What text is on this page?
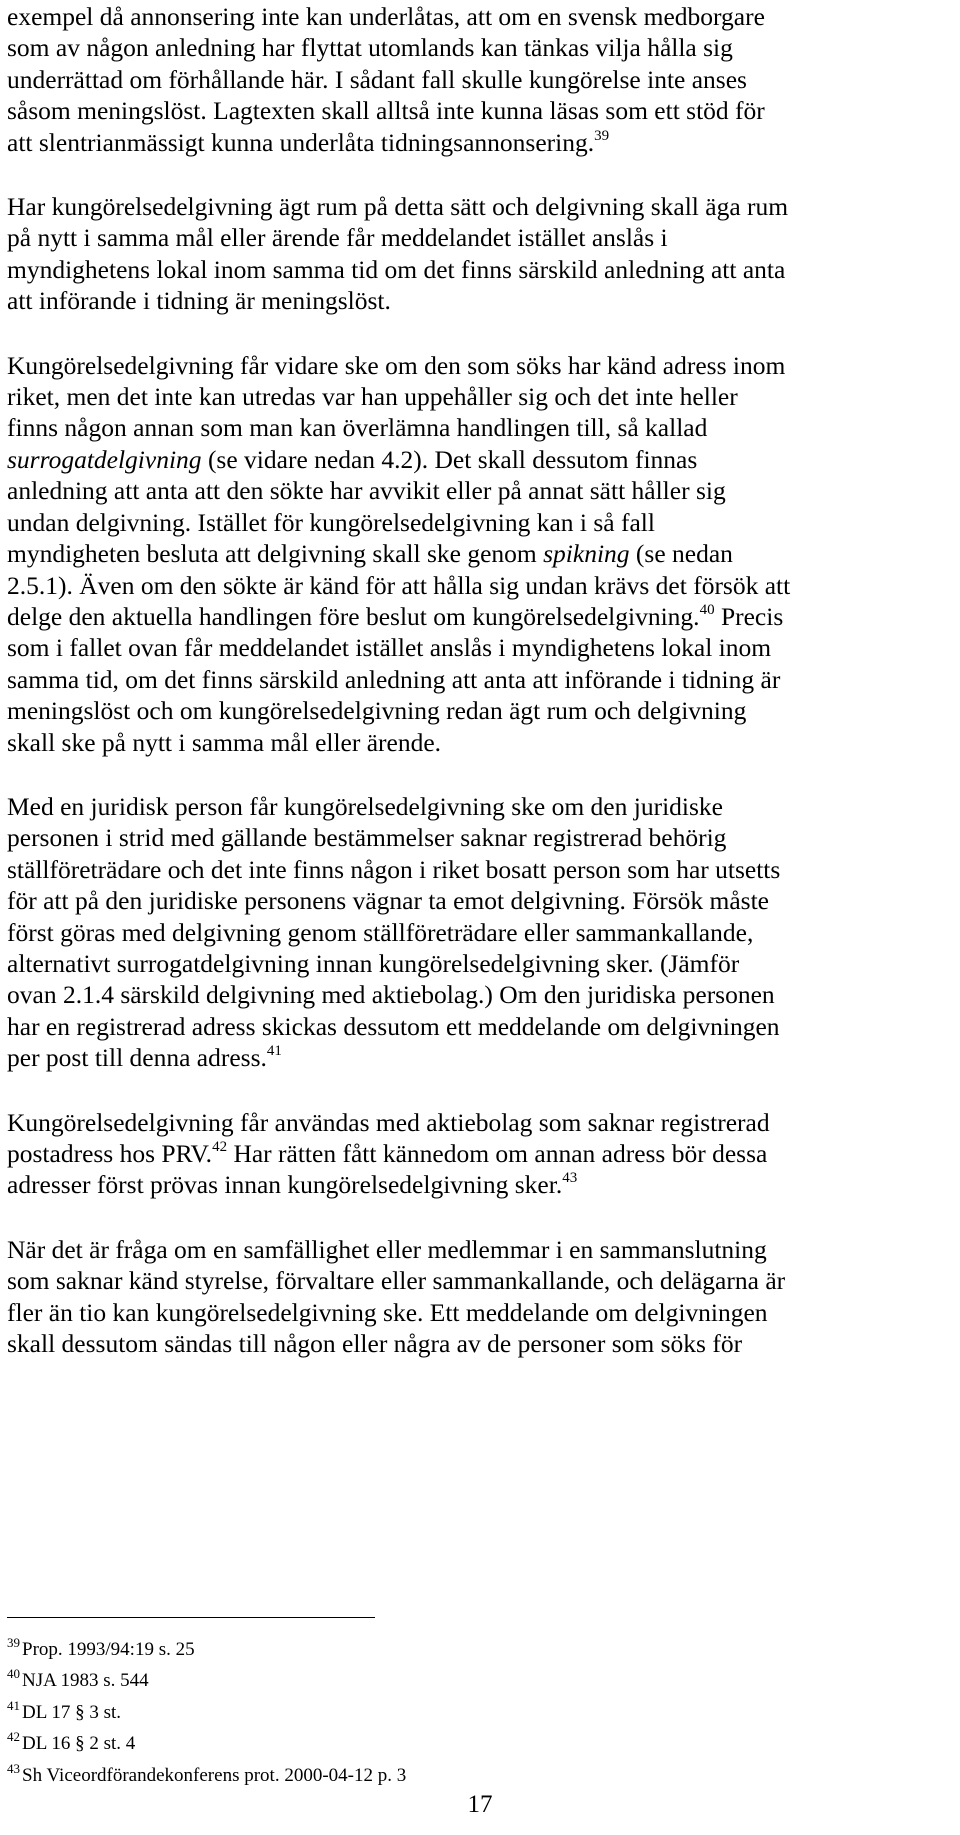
exempel då annonsering inte kan underlåtas, att om en svensk medborgare
som av någon anledning har flyttat utomlands kan tänkas vilja hålla sig
underrättad om förhållande här. I sådant fall skulle kungörelse inte anses
såsom meningslöst. Lagtexten skall alltså inte kunna läsas som ett stöd för
att slentrianmässigt kunna underlåta tidningsannonsering.$^{39}$

Har kungörelsedelgivning ägt rum på detta sätt och delgivning skall äga rum
på nytt i samma mål eller ärende får meddelandet istället anslås i
myndighetens lokal inom samma tid om det finns särskild anledning att anta
att införande i tidning är meningslöst.

Kungörelsedelgivning får vidare ske om den som söks har känd adress inom
riket, men det inte kan utredas var han uppehåller sig och det inte heller
finns någon annan som man kan överlämna handlingen till, så kallad
surrogatdelgivning (se vidare nedan 4.2). Det skall dessutom finnas
anledning att anta att den sökte har avvikit eller på annat sätt håller sig
undan delgivning. Istället för kungörelsedelgivning kan i så fall
myndigheten besluta att delgivning skall ske genom spikning (se nedan
2.5.1). Även om den sökte är känd för att hålla sig undan krävs det försök att
delge den aktuella handlingen före beslut om kungörelsedelgivning.$^{40}$ Precis
som i fallet ovan får meddelandet istället anslås i myndighetens lokal inom
samma tid, om det finns särskild anledning att anta att införande i tidning är
meningslöst och om kungörelsedelgivning redan ägt rum och delgivning
skall ske på nytt i samma mål eller ärende.

Med en juridisk person får kungörelsedelgivning ske om den juridiske
personen i strid med gällande bestämmelser saknar registrerad behörig
ställföreträdare och det inte finns någon i riket bosatt person som har utsetts
för att på den juridiske personens vägnar ta emot delgivning. Försök måste
först göras med delgivning genom ställföreträdare eller sammankallande,
alternativt surrogatdelgivning innan kungörelsedelgivning sker. (Jämför
ovan 2.1.4 särskild delgivning med aktiebolag.) Om den juridiska personen
har en registrerad adress skickas dessutom ett meddelande om delgivningen
per post till denna adress.$^{41}$

Kungörelsedelgivning får användas med aktiebolag som saknar registrerad
postadress hos PRV.$^{42}$ Har rätten fått kännedom om annan adress bör dessa
adresser först prövas innan kungörelsedelgivning sker.$^{43}$

När det är fråga om en samfällighet eller medlemmar i en sammanslutning
som saknar känd styrelse, förvaltare eller sammankallande, och delägarna är
fler än tio kan kungörelsedelgivning ske. Ett meddelande om delgivningen
skall dessutom sändas till någon eller några av de personer som söks för

$^{39}$ Prop. 1993/94:19 s. 25
$^{40}$ NJA 1983 s. 544
$^{41}$ DL 17 § 3 st.
$^{42}$ DL 16 § 2 st. 4
$^{43}$ Sh Viceordförandekonferens prot. 2000-04-12 p. 3
17
